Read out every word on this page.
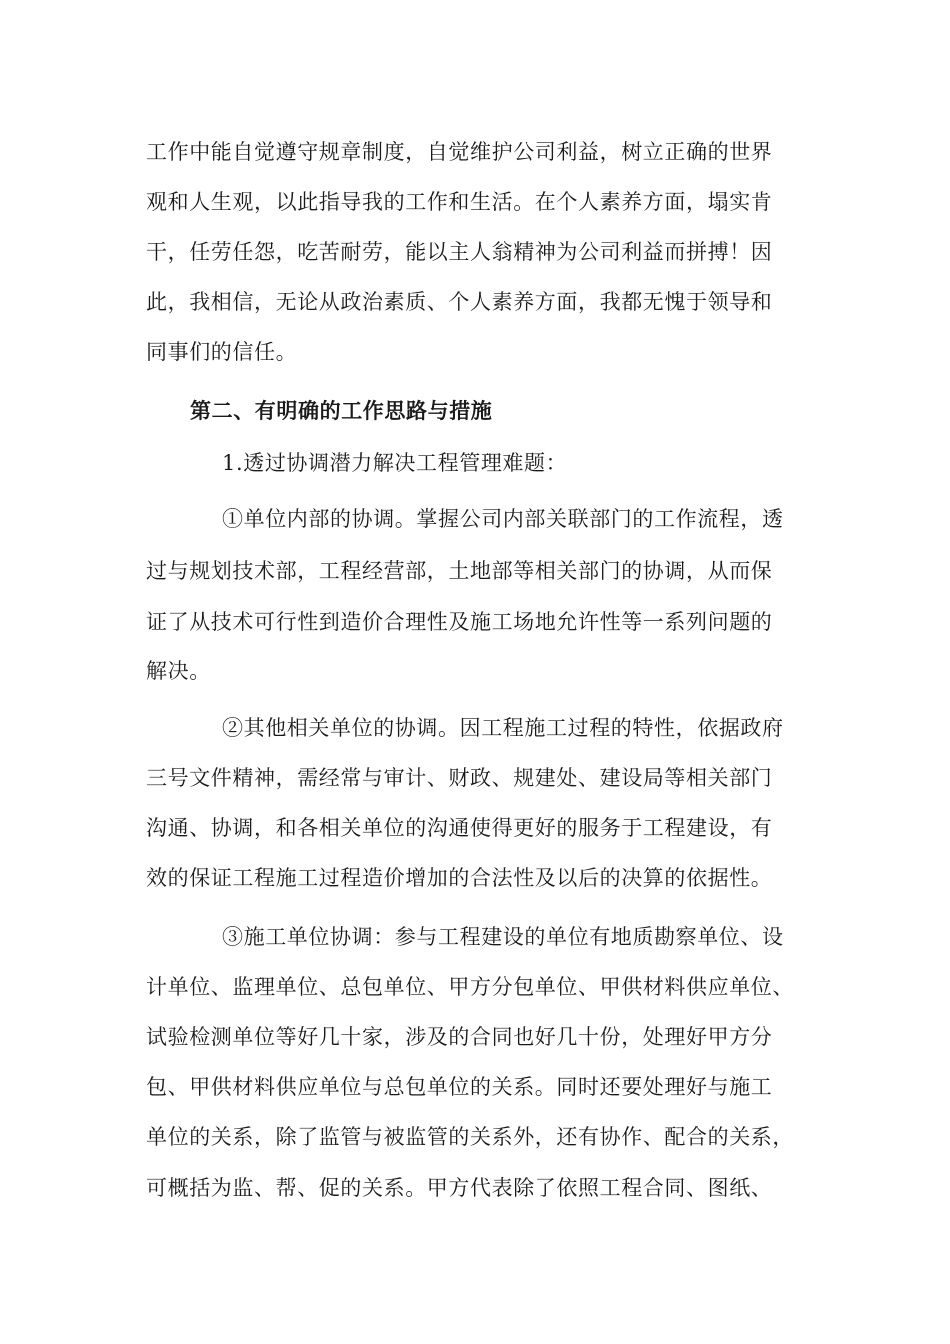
工作中能自觉遵守规章制度，自觉维护公司利益，树立正确的世界
观和人生观，以此指导我的工作和生活。在个人素养方面，塌实肯
干，任劳任怨，吃苦耐劳，能以主人翁精神为公司利益而拼搏！因
此，我相信，无论从政治素质、个人素养方面，我都无愧于领导和
同事们的信任。
第二、有明确的工作思路与措施
1.透过协调潜力解决工程管理难题：
①单位内部的协调。掌握公司内部关联部门的工作流程，透
过与规划技术部，工程经营部，土地部等相关部门的协调，从而保
证了从技术可行性到造价合理性及施工场地允许性等一系列问题的
解决。
②其他相关单位的协调。因工程施工过程的特性，依据政府
三号文件精神，需经常与审计、财政、规建处、建设局等相关部门
沟通、协调，和各相关单位的沟通使得更好的服务于工程建设，有
效的保证工程施工过程造价增加的合法性及以后的决算的依据性。
③施工单位协调：参与工程建设的单位有地质勘察单位、设
计单位、监理单位、总包单位、甲方分包单位、甲供材料供应单位、
试验检测单位等好几十家，涉及的合同也好几十份，处理好甲方分
包、甲供材料供应单位与总包单位的关系。同时还要处理好与施工
单位的关系，除了监管与被监管的关系外，还有协作、配合的关系，
可概括为监、帮、促的关系。甲方代表除了依照工程合同、图纸、
